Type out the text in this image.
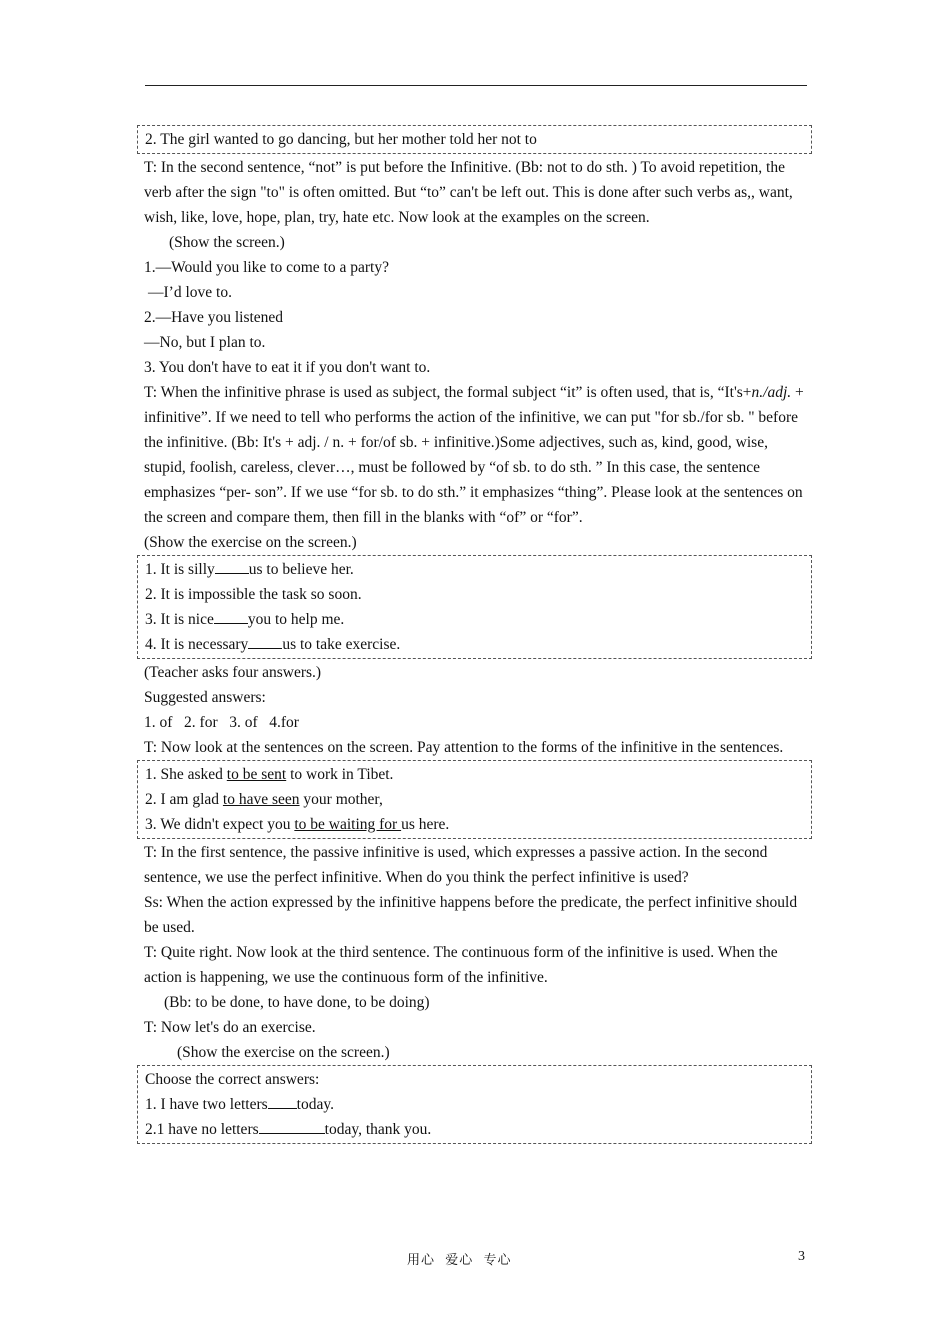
2. The girl wanted to go dancing, but her mother told her not to
T: In the second sentence, “not” is put before the Infinitive. (Bb: not to do sth. ) To avoid repetition, the verb after the sign "to" is often omitted. But “to” can't be left out. This is done after such verbs as,, want, wish, like, love, hope, plan, try, hate etc. Now look at the examples on the screen.
(Show the screen.)
1.—Would you like to come to a party?
—I’d love to.
2.—Have you listened
—No, but I plan to.
3. You don't have to eat it if you don't want to.
T: When the infinitive phrase is used as subject, the formal subject “it” is often used, that is, “It's+n./adj. + infinitive”. If we need to tell who performs the action of the infinitive, we can put "for sb./for sb. " before the infinitive. (Bb: It's + adj. / n. + for/of sb. + infinitive.)Some adjectives, such as, kind, good, wise, stupid, foolish, careless, clever…, must be followed by “of sb. to do sth. ” In this case, the sentence emphasizes “per- son”. If we use “for sb. to do sth.” it emphasizes “thing”. Please look at the sentences on the screen and compare them, then fill in the blanks with “of” or “for”.
(Show the exercise on the screen.)
1. It is silly us to believe her.
2. It is impossible the task so soon.
3. It is nice you to help me.
4. It is necessary us to take exercise.
(Teacher asks four answers.)
Suggested answers:
1. of   2. for   3. of   4.for
T: Now look at the sentences on the screen. Pay attention to the forms of the infinitive in the sentences.
1. She asked to be sent to work in Tibet.
2. I am glad to have seen your mother,
3. We didn't expect you to be waiting for us here.
T: In the first sentence, the passive infinitive is used, which expresses a passive action. In the second sentence, we use the perfect infinitive. When do you think the perfect infinitive is used?
Ss: When the action expressed by the infinitive happens before the predicate, the perfect infinitive should be used.
T: Quite right. Now look at the third sentence. The continuous form of the infinitive is used. When the action is happening, we use the continuous form of the infinitive.
(Bb: to be done, to have done, to be doing)
T: Now let's do an exercise.
(Show the exercise on the screen.)
Choose the correct answers:
1. I have two letters today.
2.1 have no letters	today, thank you.
用心  爱心  专心	3
